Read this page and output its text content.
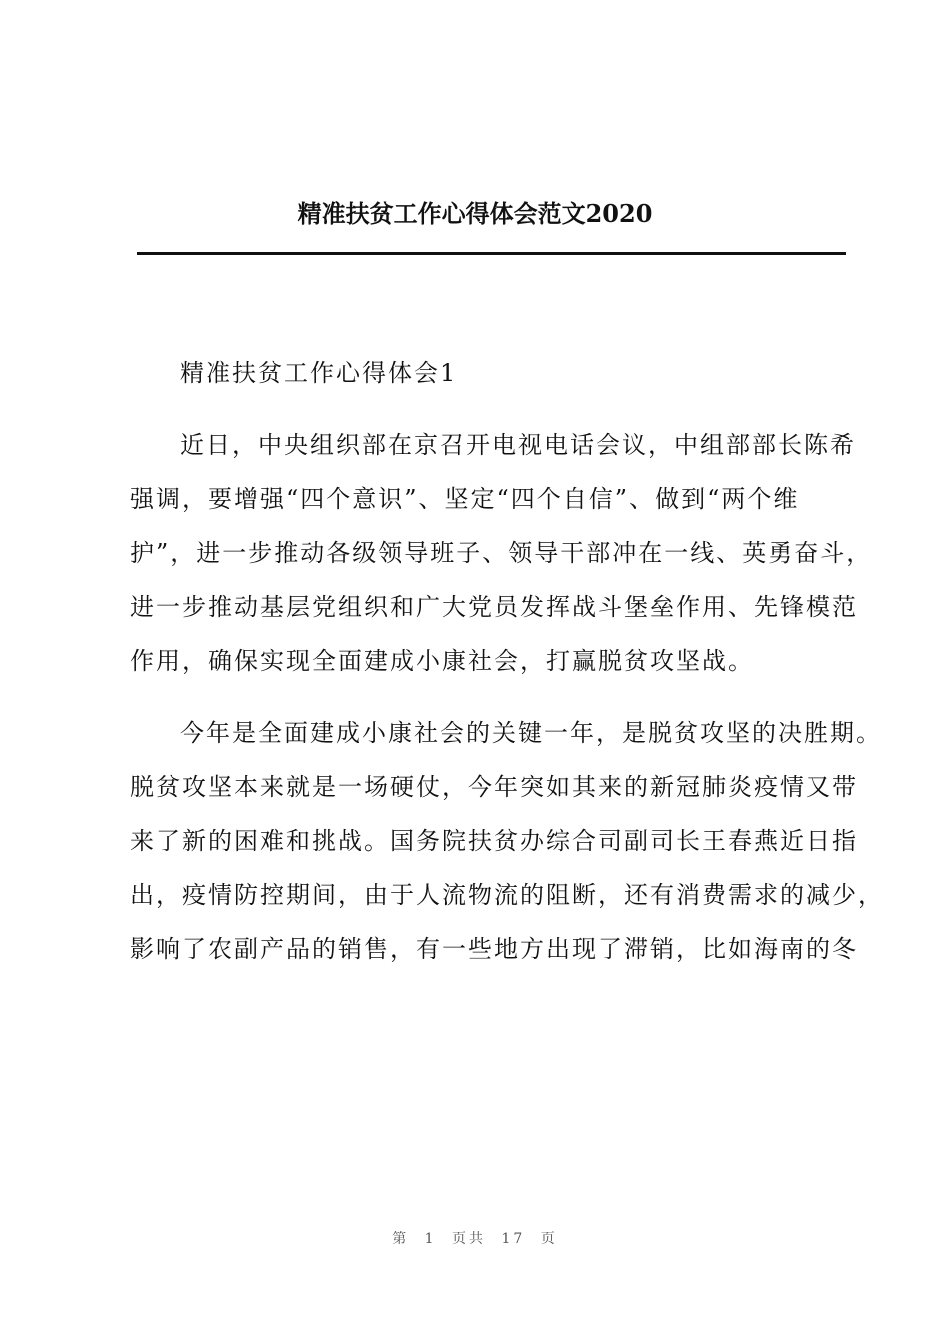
精准扶贫工作心得体会范文2020

精准扶贫工作心得体会1

近日，中央组织部在京召开电视电话会议，中组部部长陈希
强调，要增强“四个意识”、坚定“四个自信”、做到“两个维
护”，进一步推动各级领导班子、领导干部冲在一线、英勇奋斗，
进一步推动基层党组织和广大党员发挥战斗堡垒作用、先锋模范
作用，确保实现全面建成小康社会，打赢脱贫攻坚战。

今年是全面建成小康社会的关键一年，是脱贫攻坚的决胜期。
脱贫攻坚本来就是一场硬仗，今年突如其来的新冠肺炎疫情又带
来了新的困难和挑战。国务院扶贫办综合司副司长王春燕近日指
出，疫情防控期间，由于人流物流的阻断，还有消费需求的减少，
影响了农副产品的销售，有一些地方出现了滞销，比如海南的冬

第 1 页共 17 页
